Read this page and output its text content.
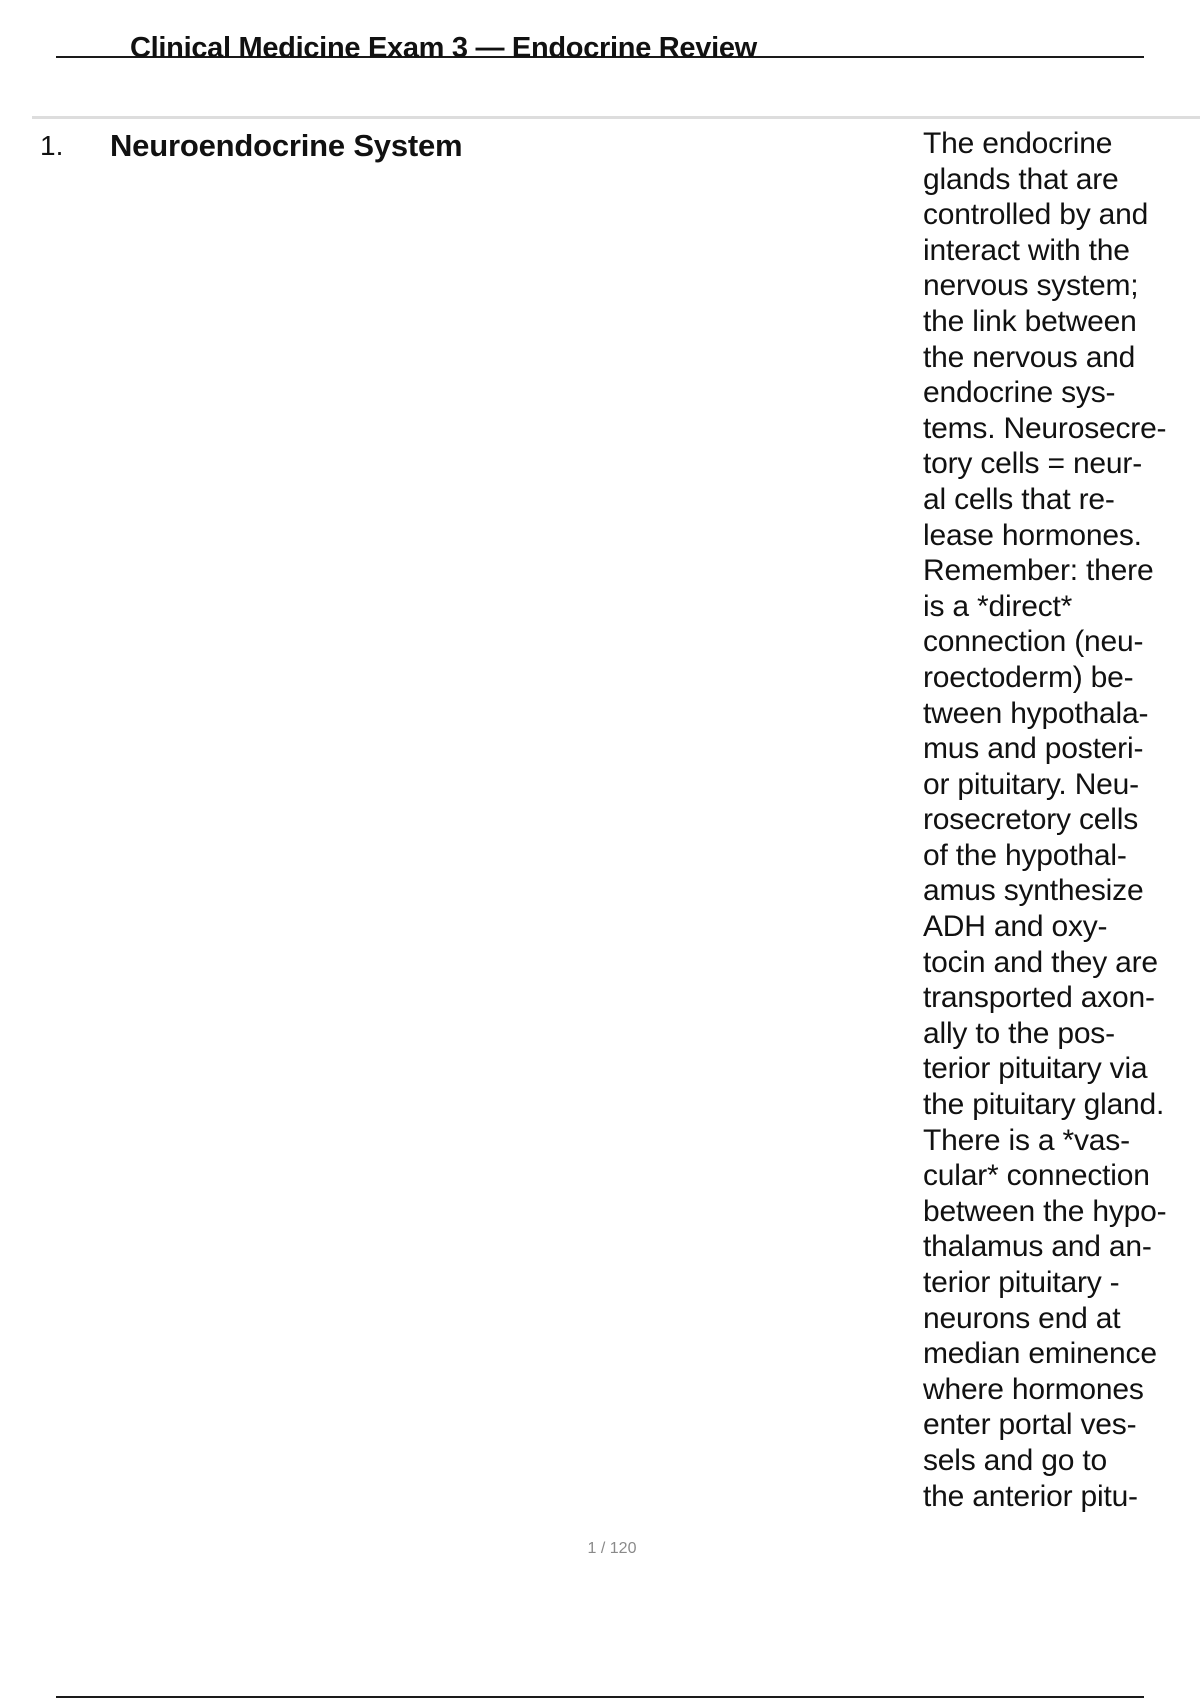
Clinical Medicine Exam 3 — Endocrine Review
1. Neuroendocrine System	The endocrine
glands that are
controlled by and
interact with the
nervous system;
the link between
the nervous and
endocrine sys-
tems. Neurosecre-
tory cells = neur-
al cells that re-
lease hormones.
Remember: there
is a *direct*
connection (neu-
roectoderm) be-
tween hypothala-
mus and posteri-
or pituitary. Neu-
rosecretory cells
of the hypothal-
amus synthesize
ADH and oxy-
tocin and they are
transported axon-
ally to the pos-
terior pituitary via
the pituitary gland.
There is a *vas-
cular* connection
between the hypo-
thalamus and an-
terior pituitary -
neurons end at
median eminence
where hormones
enter portal ves-
sels and go to
the anterior pitu-

1 / 120
